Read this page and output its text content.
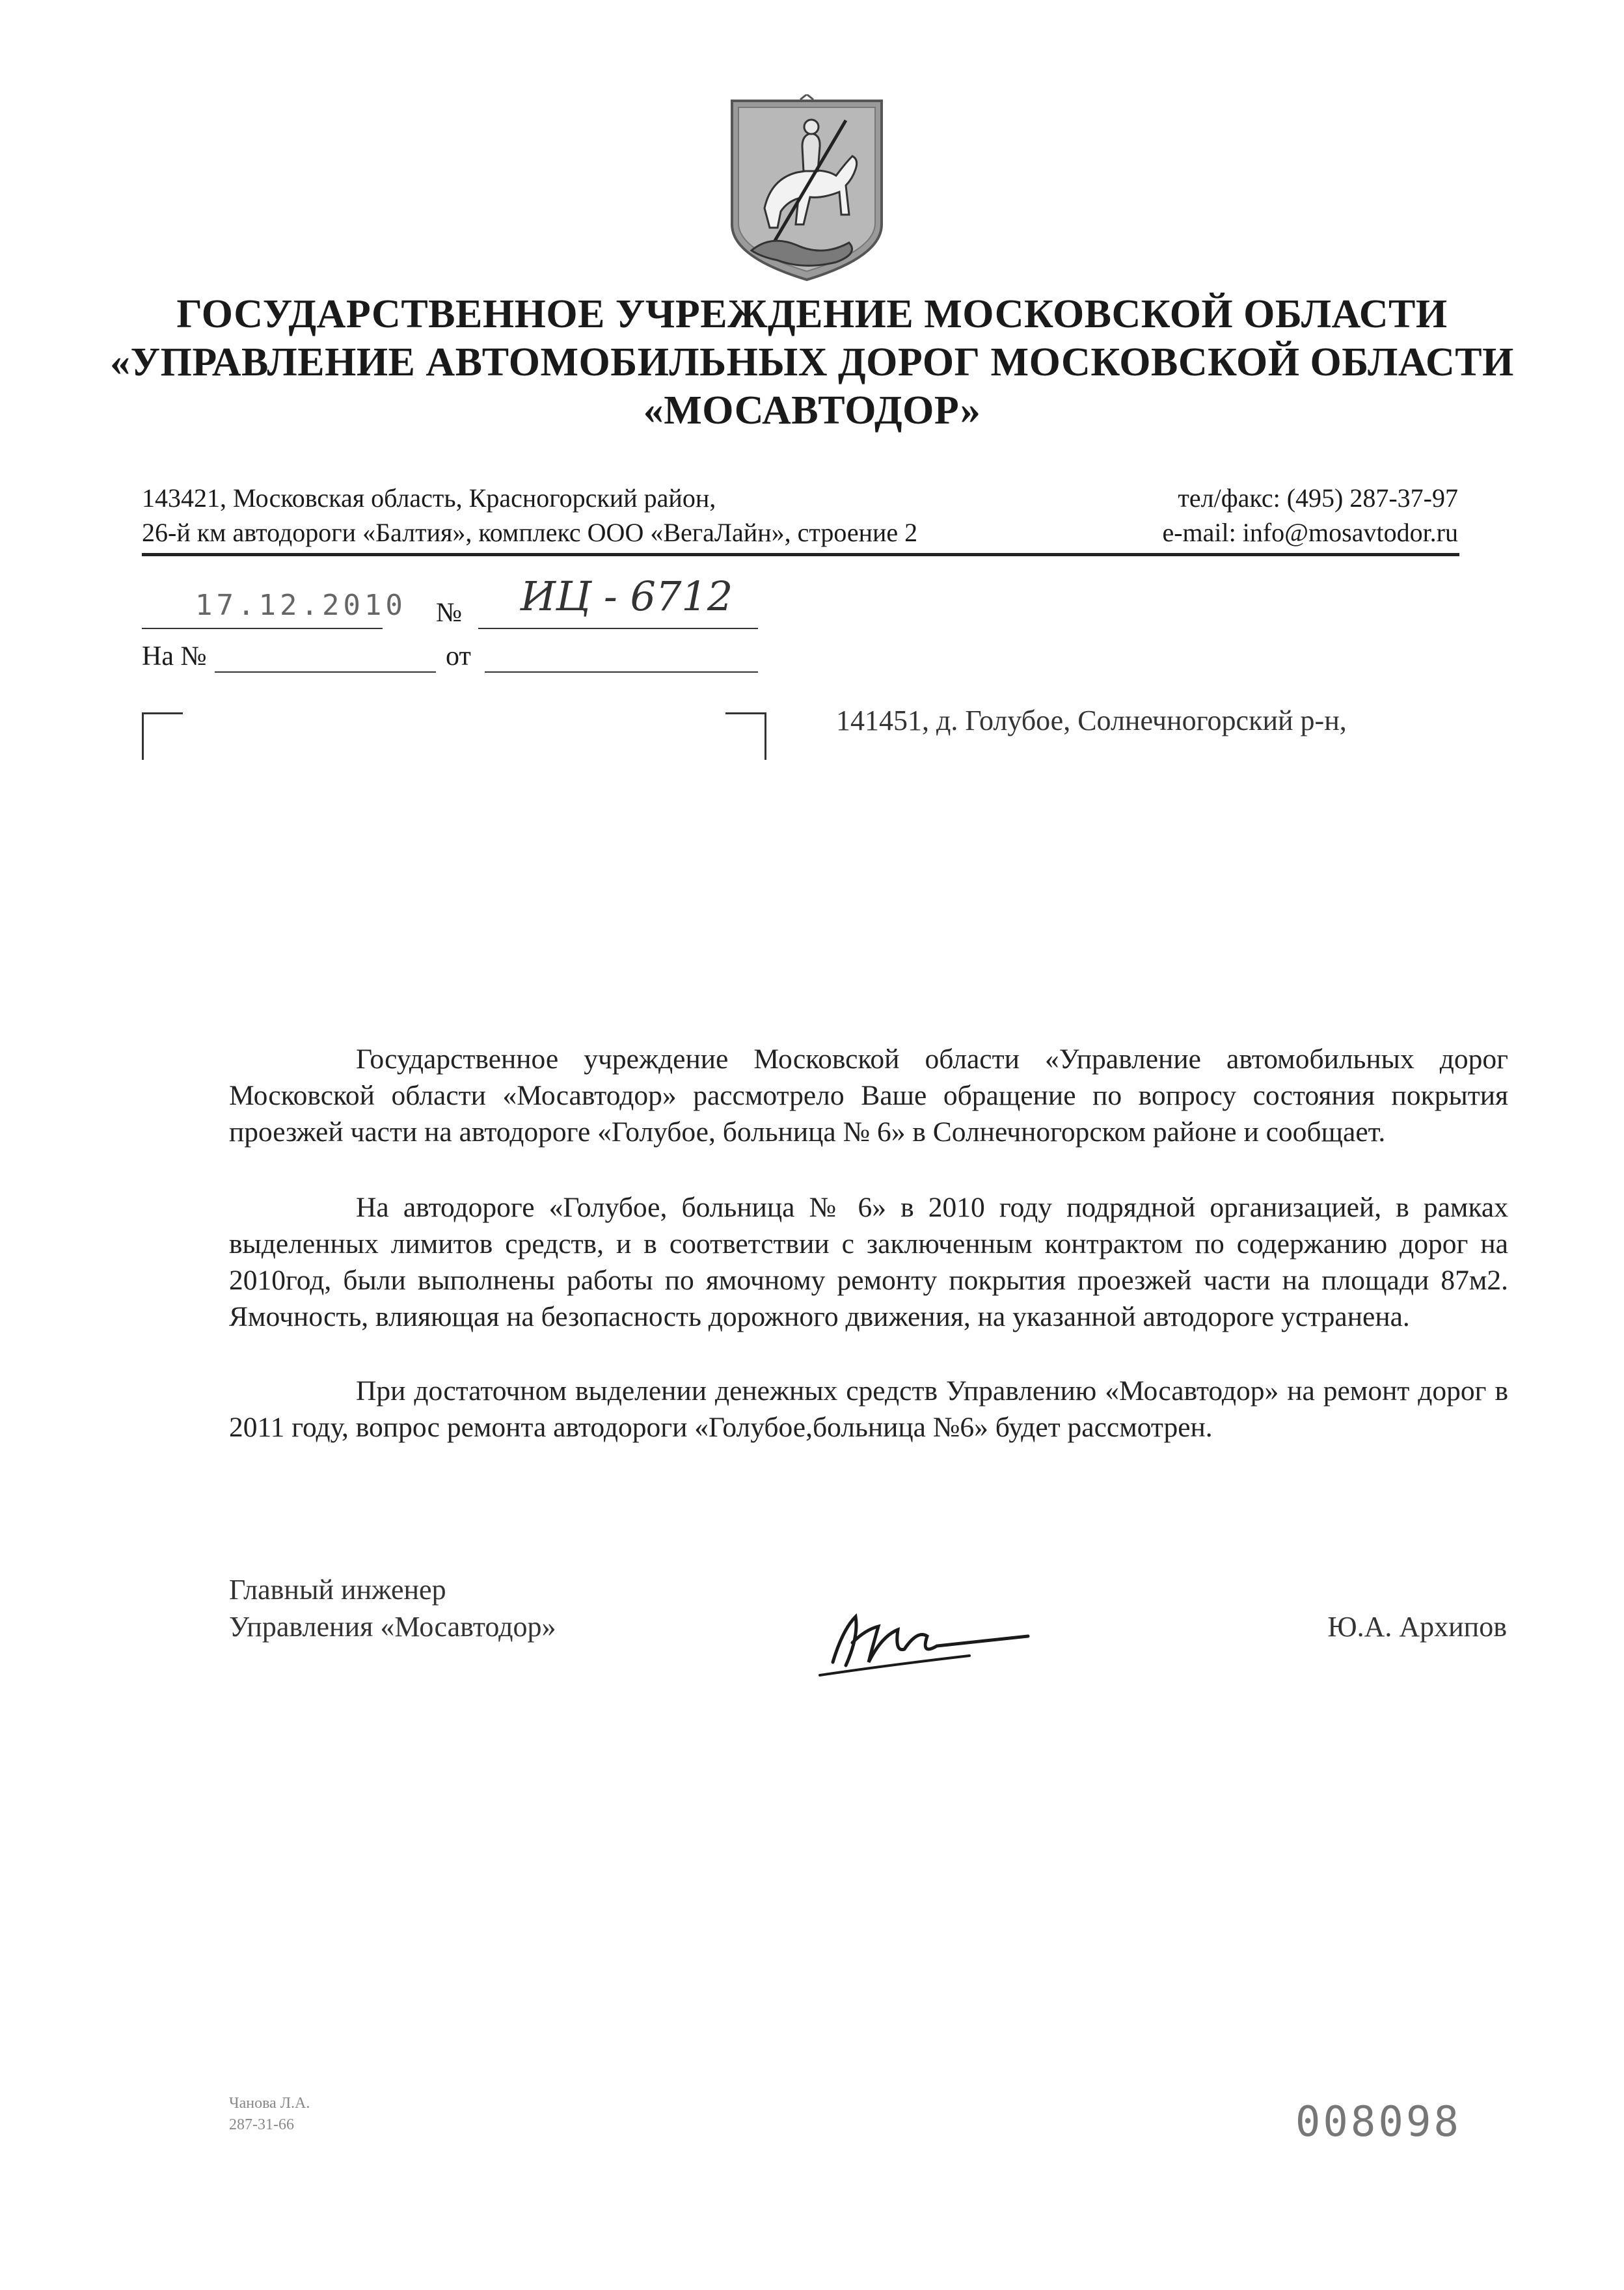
ГОСУДАРСТВЕННОЕ УЧРЕЖДЕНИЕ МОСКОВСКОЙ ОБЛАСТИ
«УПРАВЛЕНИЕ АВТОМОБИЛЬНЫХ ДОРОГ МОСКОВСКОЙ ОБЛАСТИ
«МОСАВТОДОР»
143421, Московская область, Красногорский район,
26-й км автодороги «Балтия», комплекс ООО «ВегаЛайн», строение 2
тел/факс: (495) 287-37-97
e-mail: info@mosavtodor.ru
17.12.2010 № ИЦ - 6712
На №	от
141451, д. Голубое, Солнечногорский р-н,
Государственное учреждение Московской области «Управление автомобильных дорог Московской области «Мосавтодор» рассмотрело Ваше обращение по вопросу состояния покрытия проезжей части на автодороге «Голубое, больница № 6» в Солнечногорском районе и сообщает.
На автодороге «Голубое, больница № 6» в 2010 году подрядной организацией, в рамках выделенных лимитов средств, и в соответствии с заключенным контрактом по содержанию дорог на 2010год, были выполнены работы по ямочному ремонту покрытия проезжей части на площади 87м2. Ямочность, влияющая на безопасность дорожного движения, на указанной автодороге устранена.
При достаточном выделении денежных средств Управлению «Мосавтодор» на ремонт дорог в 2011 году, вопрос ремонта автодороги «Голубое,больница №6» будет рассмотрен.
Главный инженер
Управления «Мосавтодор»	Ю.А. Архипов
Чанова Л.А.
287-31-66	008098
